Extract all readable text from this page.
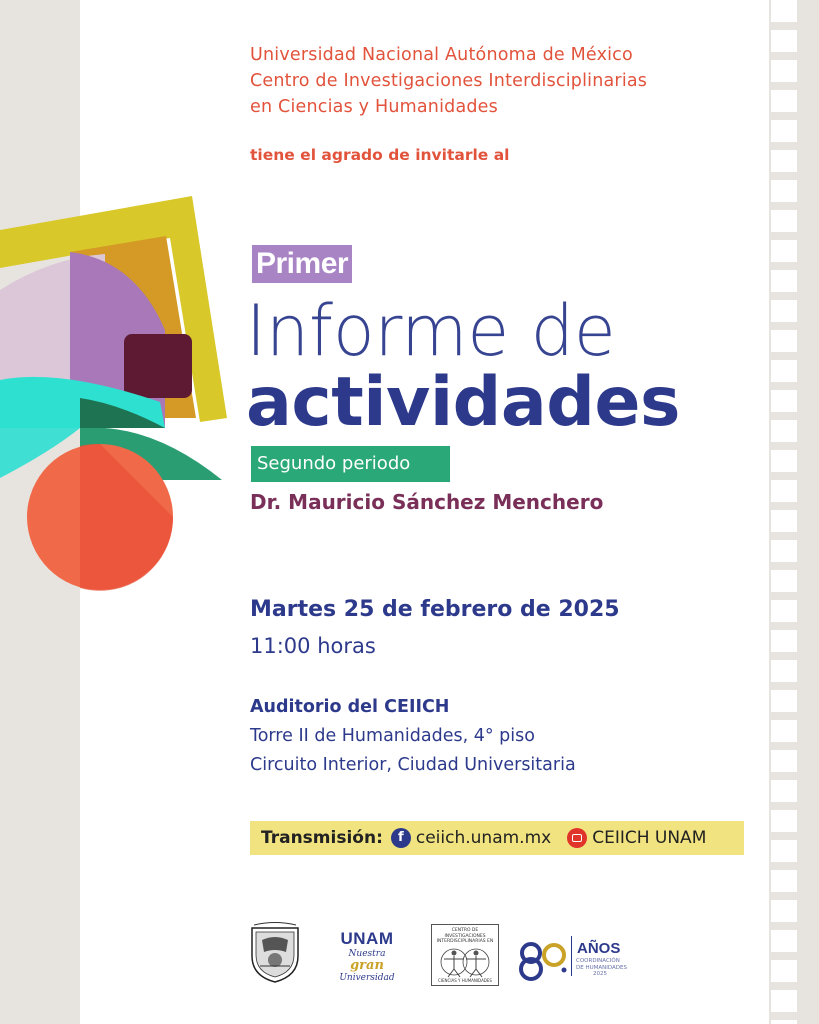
Universidad Nacional Autónoma de México
Centro de Investigaciones Interdisciplinarias
en Ciencias y Humanidades
tiene el agrado de invitarle al
Primer
Informe de
actividades
Segundo periodo
Dr. Mauricio Sánchez Menchero
Martes 25 de febrero de 2025
11:00 horas
Auditorio del CEIICH
Torre II de Humanidades, 4° piso
Circuito Interior, Ciudad Universitaria
Transmisión:	f ceiich.unam.mx CEIICH UNAM
UNAM
Nuestra gran
Universidad
CENTRO DE INVESTIGACIONES INTERDISCIPLINARIAS EN
CIENCIAS Y HUMANIDADES
AÑOS
COORDINACIÓN
DE HUMANIDADES
2025
